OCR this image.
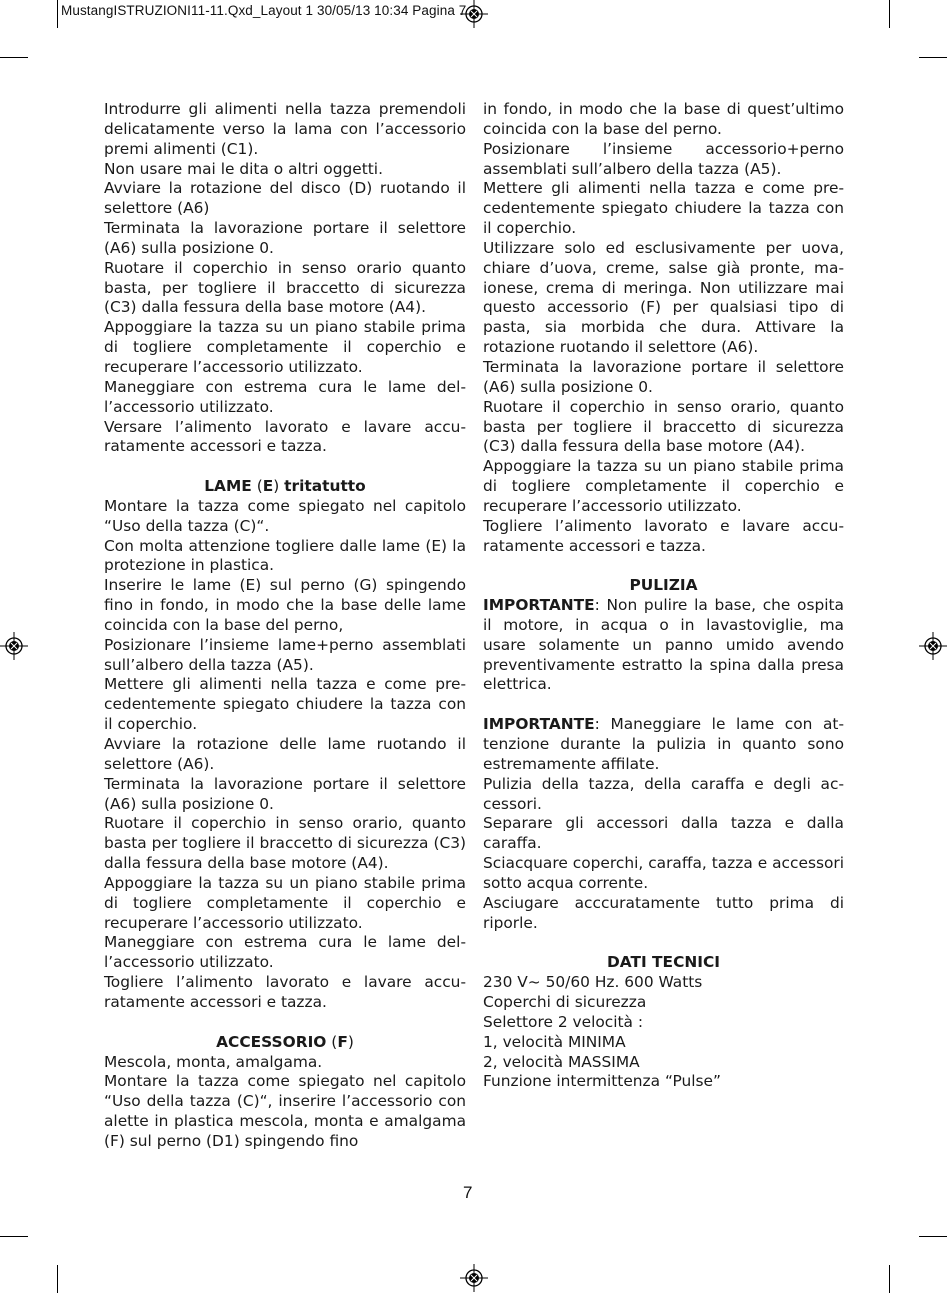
MustangISTRUZIONI11-11.Qxd_Layout 1 30/05/13 10:34 Pagina 7

Introdurre gli alimenti nella tazza premendoli delicatamente verso la lama con l’accessorio premi alimenti (C1).

Non usare mai le dita o altri oggetti.

Avviare la rotazione del disco (D) ruotando il selettore (A6)

Terminata la lavorazione portare il selettore (A6) sulla posizione 0.

Ruotare il coperchio in senso orario quanto basta, per togliere il braccetto di sicurezza (C3) dalla fessura della base motore (A4).

Appoggiare la tazza su un piano stabile prima di togliere completamente il coperchio e recuperare l’accessorio utilizzato.

Maneggiare con estrema cura le lame dell’accessorio utilizzato.

Versare l’alimento lavorato e lavare accuratamente accessori e tazza.

LAME (E) tritatutto

Montare la tazza come spiegato nel capitolo “Uso della tazza (C)“.

Con molta attenzione togliere dalle lame (E) la protezione in plastica.

Inserire le lame (E) sul perno (G) spingendo fino in fondo, in modo che la base delle lame coincida con la base del perno,

Posizionare l’insieme lame+perno assemblati sull’albero della tazza (A5).

Mettere gli alimenti nella tazza e come precedentemente spiegato chiudere la tazza con il coperchio.

Avviare la rotazione delle lame ruotando il selettore (A6).

Terminata la lavorazione portare il selettore (A6) sulla posizione 0.

Ruotare il coperchio in senso orario, quanto basta per togliere il braccetto di sicurezza (C3) dalla fessura della base motore (A4).

Appoggiare la tazza su un piano stabile prima di togliere completamente il coperchio e recuperare l’accessorio utilizzato.

Maneggiare con estrema cura le lame dell’accessorio utilizzato.

Togliere l’alimento lavorato e lavare accuratamente accessori e tazza.

ACCESSORIO (F)

Mescola, monta, amalgama.

Montare la tazza come spiegato nel capitolo “Uso della tazza (C)“, inserire l’accessorio con alette in plastica mescola, monta e amalgama (F) sul perno (D1) spingendo fino

in fondo, in modo che la base di quest’ultimo coincida con la base del perno.

Posizionare l’insieme accessorio+perno assemblati sull’albero della tazza (A5).

Mettere gli alimenti nella tazza e come precedentemente spiegato chiudere la tazza con il coperchio.

Utilizzare solo ed esclusivamente per uova, chiare d’uova, creme, salse già pronte, maionese, crema di meringa. Non utilizzare mai questo accessorio (F) per qualsiasi tipo di pasta, sia morbida che dura. Attivare la rotazione ruotando il selettore (A6).

Terminata la lavorazione portare il selettore (A6) sulla posizione 0.

Ruotare il coperchio in senso orario, quanto basta per togliere il braccetto di sicurezza (C3) dalla fessura della base motore (A4).

Appoggiare la tazza su un piano stabile prima di togliere completamente il coperchio e recuperare l’accessorio utilizzato.

Togliere l’alimento lavorato e lavare accuratamente accessori e tazza.

PULIZIA

IMPORTANTE: Non pulire la base, che ospita il motore, in acqua o in lavastoviglie, ma usare solamente un panno umido avendo preventivamente estratto la spina dalla presa elettrica.

IMPORTANTE: Maneggiare le lame con attenzione durante la pulizia in quanto sono estremamente affilate.

Pulizia della tazza, della caraffa e degli accessori.

Separare gli accessori dalla tazza e dalla caraffa.

Sciacquare coperchi, caraffa, tazza e accessori sotto acqua corrente.

Asciugare acccuratamente tutto prima di riporle.

DATI TECNICI

230 V~ 50/60 Hz. 600 Watts

Coperchi di sicurezza

Selettore 2 velocità :

1, velocità MINIMA

2, velocità MASSIMA

Funzione intermittenza “Pulse”

7
